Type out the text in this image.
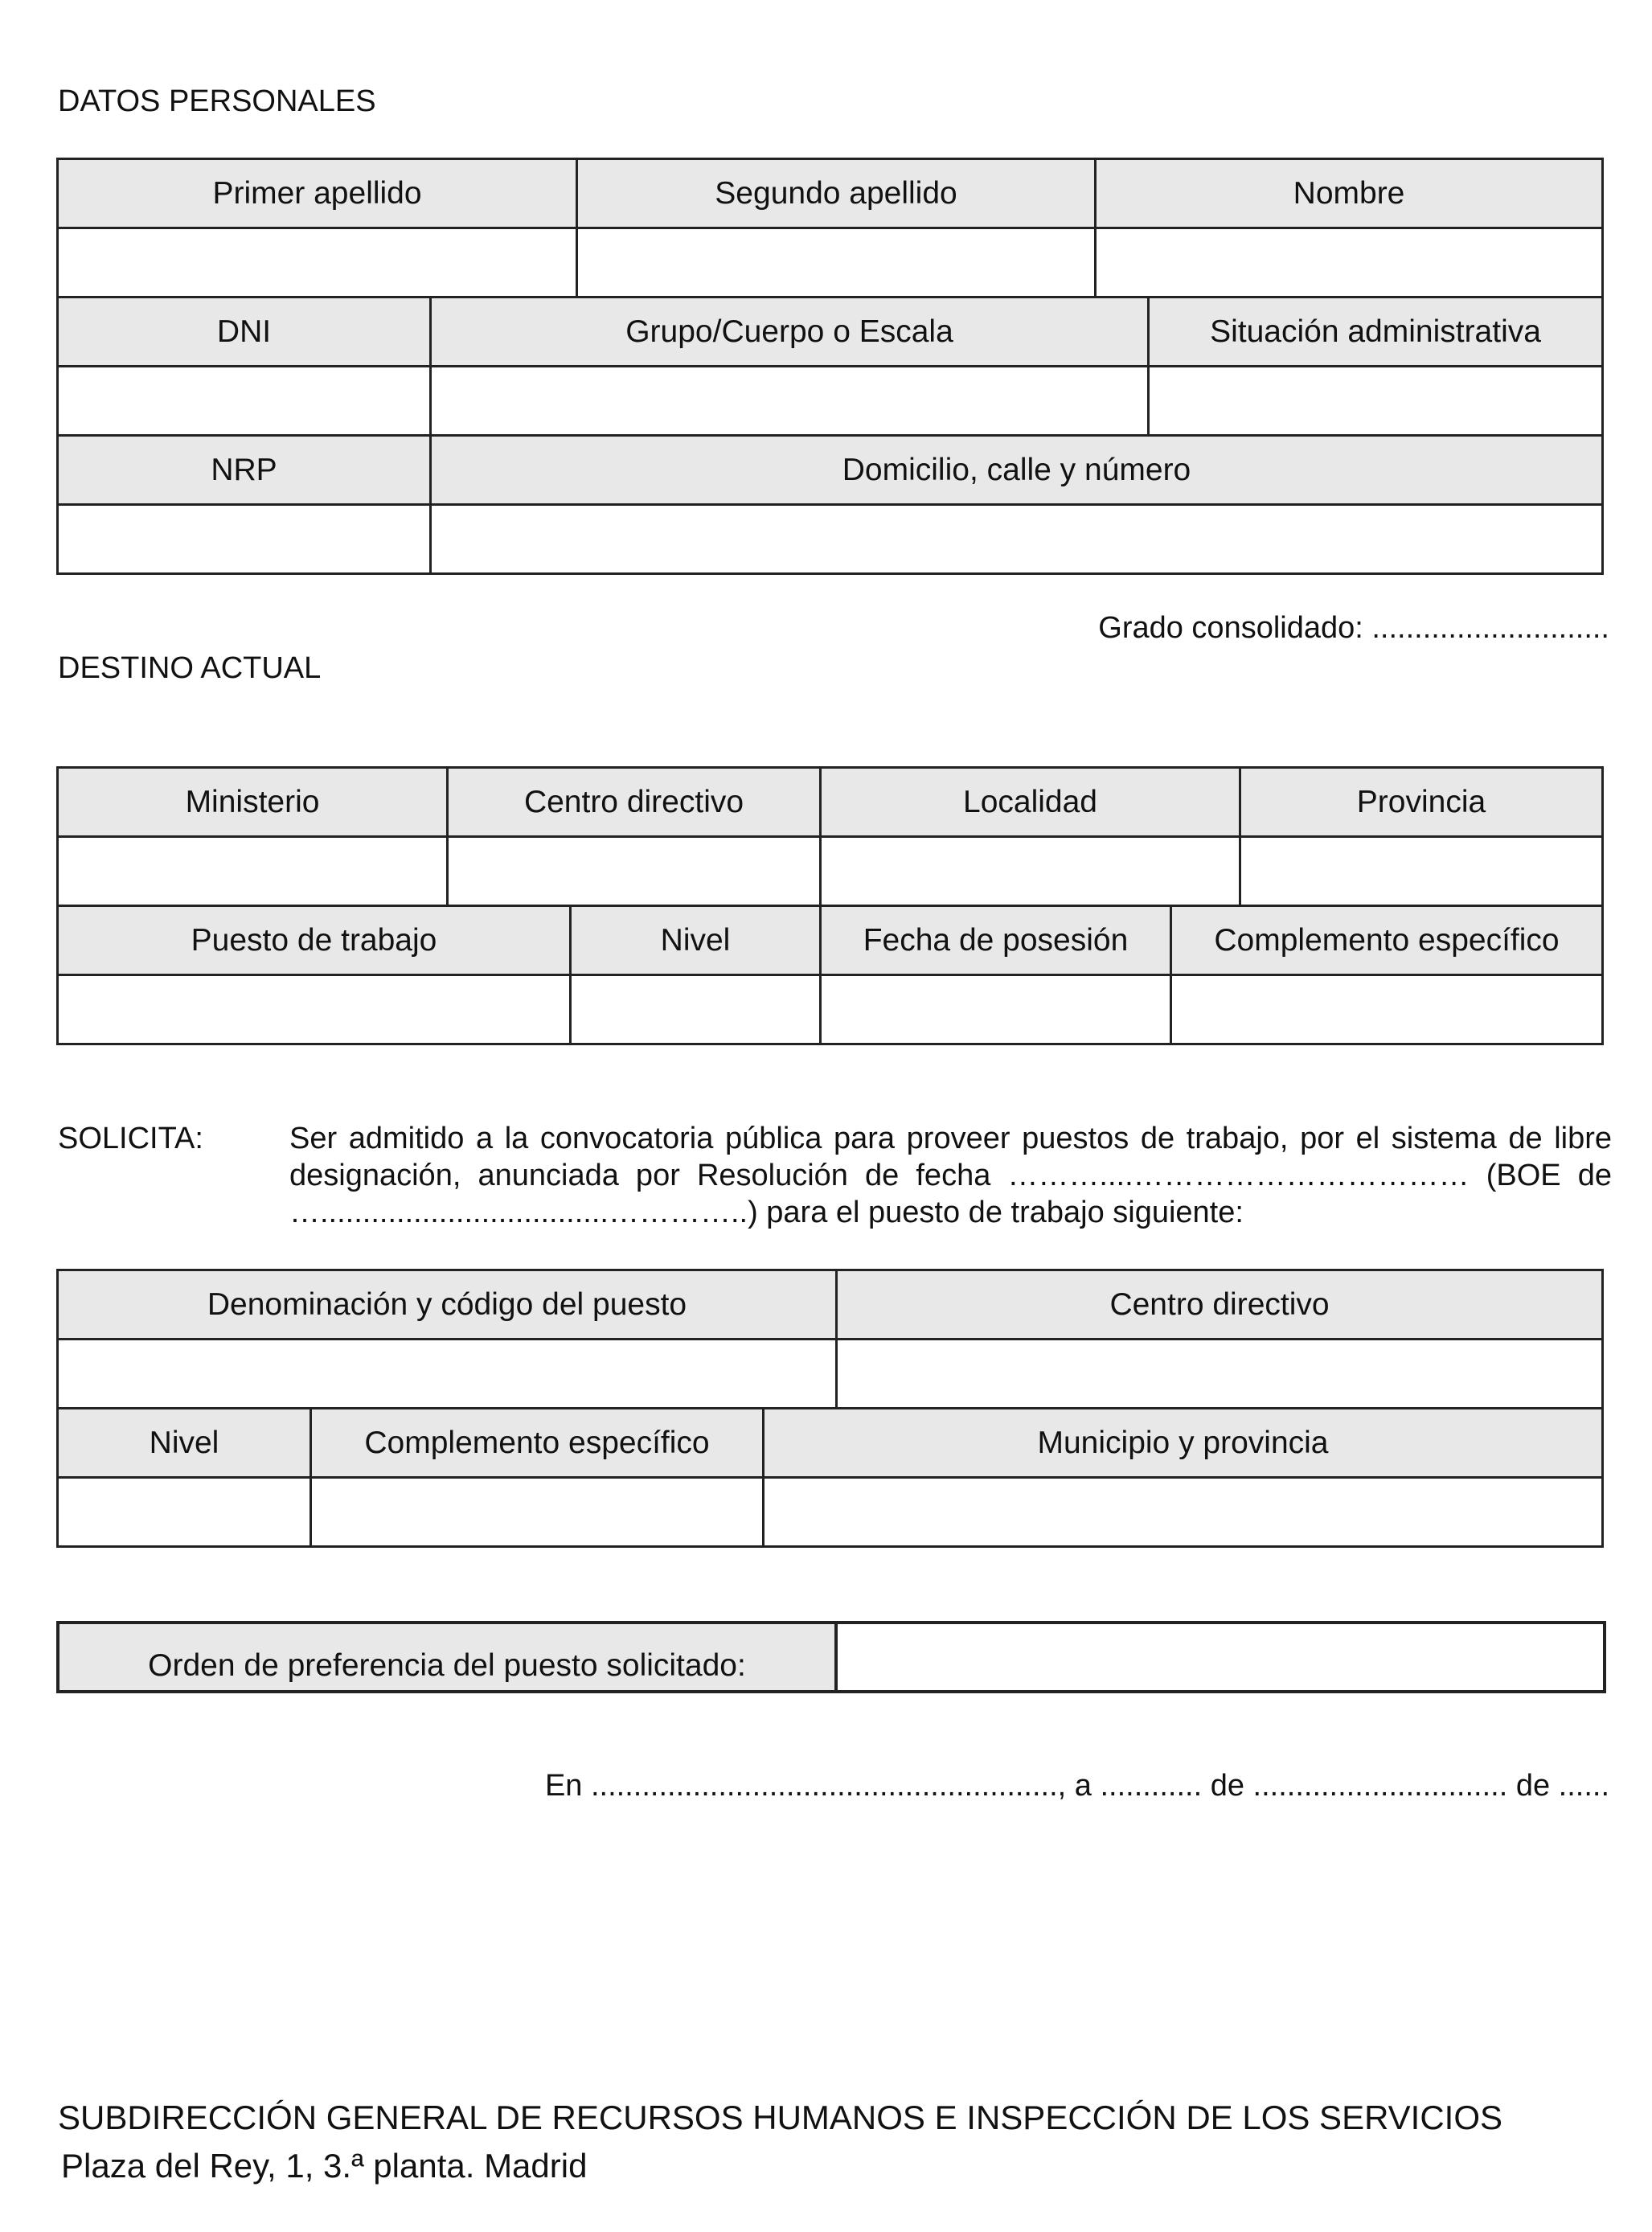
DATOS PERSONALES
Primer apellido		Segundo apellido	Nombre	

DNI	Grupo/Cuerpo o Escala			Situación administrativa

NRP	Domicilio, calle y número			

Grado consolidado: ............................
DESTINO ACTUAL
Ministerio	Centro directivo		Localidad		Provincia

Puesto de trabajo		Nivel	Fecha de posesión	Complemento específico	

SOLICITA:	Ser admitido a la convocatoria pública para proveer puestos de trabajo, por el sistema de libre designación, anunciada por Resolución de fecha ………....…………………………… (BOE de …..................................…………..) para el puesto de trabajo siguiente:
Denominación y código del puesto			Centro directivo

Nivel	Complemento específico	Municipio y provincia	

Orden de preferencia del puesto solicitado:	
En ......................................................., a ............ de .............................. de ......
SUBDIRECCIÓN GENERAL DE RECURSOS HUMANOS E INSPECCIÓN DE LOS SERVICIOS
Plaza del Rey, 1, 3.ª planta. Madrid
